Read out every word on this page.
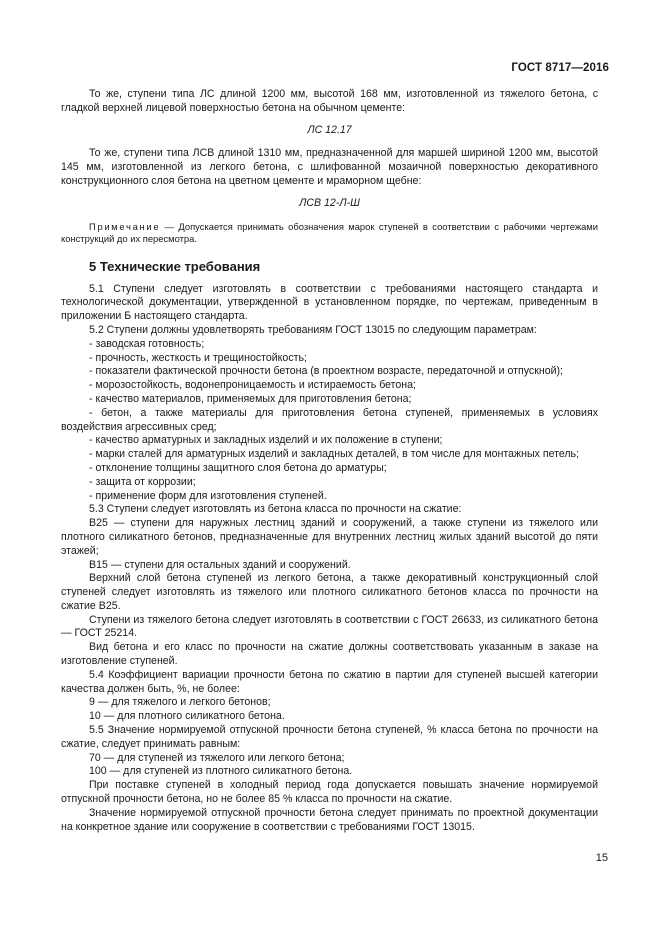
ГОСТ 8717—2016

То же, ступени типа ЛС длиной 1200 мм, высотой 168 мм, изготовленной из тяжелого бетона, с гладкой верхней лицевой поверхностью бетона на обычном цементе:

ЛС 12.17

То же, ступени типа ЛСВ длиной 1310 мм, предназначенной для маршей шириной 1200 мм, высотой 145 мм, изготовленной из легкого бетона, с шлифованной мозаичной поверхностью декоративного конструкционного слоя бетона на цветном цементе и мраморном щебне:

ЛСВ 12-Л-Ш

Примечание — Допускается принимать обозначения марок ступеней в соответствии с рабочими чертежами конструкций до их пересмотра.

5 Технические требования

5.1 Ступени следует изготовлять в соответствии с требованиями настоящего стандарта и технологической документации, утвержденной в установленном порядке, по чертежам, приведенным в приложении Б настоящего стандарта.

5.2 Ступени должны удовлетворять требованиям ГОСТ 13015 по следующим параметрам:

- заводская готовность;

- прочность, жесткость и трещиностойкость;

- показатели фактической прочности бетона (в проектном возрасте, передаточной и отпускной);

- морозостойкость, водонепроницаемость и истираемость бетона;

- качество материалов, применяемых для приготовления бетона;

- бетон, а также материалы для приготовления бетона ступеней, применяемых в условиях воздействия агрессивных сред;

- качество арматурных и закладных изделий и их положение в ступени;

- марки сталей для арматурных изделий и закладных деталей, в том числе для монтажных петель;

- отклонение толщины защитного слоя бетона до арматуры;

- защита от коррозии;

- применение форм для изготовления ступеней.

5.3 Ступени следует изготовлять из бетона класса по прочности на сжатие:

В25 — ступени для наружных лестниц зданий и сооружений, а также ступени из тяжелого или плотного силикатного бетонов, предназначенные для внутренних лестниц жилых зданий высотой до пяти этажей;

В15 — ступени для остальных зданий и сооружений.

Верхний слой бетона ступеней из легкого бетона, а также декоративный конструкционный слой ступеней следует изготовлять из тяжелого или плотного силикатного бетонов класса по прочности на сжатие В25.

Ступени из тяжелого бетона следует изготовлять в соответствии с ГОСТ 26633, из силикатного бетона — ГОСТ 25214.

Вид бетона и его класс по прочности на сжатие должны соответствовать указанным в заказе на изготовление ступеней.

5.4 Коэффициент вариации прочности бетона по сжатию в партии для ступеней высшей категории качества должен быть, %, не более:

9 — для тяжелого и легкого бетонов;

10 — для плотного силикатного бетона.

5.5 Значение нормируемой отпускной прочности бетона ступеней, % класса бетона по прочности на сжатие, следует принимать равным:

70 — для ступеней из тяжелого или легкого бетона;

100 — для ступеней из плотного силикатного бетона.

При поставке ступеней в холодный период года допускается повышать значение нормируемой отпускной прочности бетона, но не более 85 % класса по прочности на сжатие.

Значение нормируемой отпускной прочности бетона следует принимать по проектной документации на конкретное здание или сооружение в соответствии с требованиями ГОСТ 13015.

15
